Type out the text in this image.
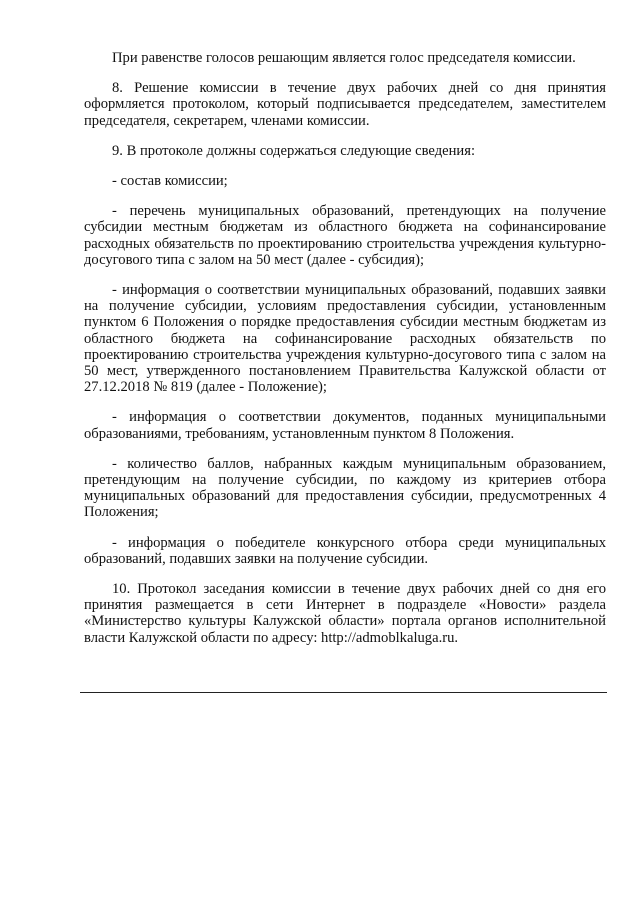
При равенстве голосов решающим является голос председателя комиссии.

8. Решение комиссии в течение двух рабочих дней со дня принятия оформляется протоколом, который подписывается председателем, заместителем председателя, секретарем, членами комиссии.

9. В протоколе должны содержаться следующие сведения:

- состав комиссии;

- перечень муниципальных образований, претендующих на получение субсидии местным бюджетам из областного бюджета на софинансирование расходных обязательств по проектированию строительства учреждения культурно-досугового типа с залом на 50 мест (далее - субсидия);

- информация о соответствии муниципальных образований, подавших заявки на получение субсидии, условиям предоставления субсидии, установленным пунктом 6 Положения о порядке предоставления субсидии местным бюджетам из областного бюджета на софинансирование расходных обязательств по проектированию строительства учреждения культурно-досугового типа с залом на 50 мест, утвержденного постановлением Правительства Калужской области от 27.12.2018 № 819 (далее - Положение);

- информация о соответствии документов, поданных муниципальными образованиями, требованиям, установленным пунктом 8 Положения.

- количество баллов, набранных каждым муниципальным образованием, претендующим на получение субсидии, по каждому из критериев отбора муниципальных образований для предоставления субсидии, предусмотренных 4 Положения;

- информация о победителе конкурсного отбора среди муниципальных образований, подавших заявки на получение субсидии.

10. Протокол заседания комиссии в течение двух рабочих дней со дня его принятия размещается в сети Интернет в подразделе «Новости» раздела «Министерство культуры Калужской области» портала органов исполнительной власти Калужской области по адресу: http://admoblkaluga.ru.
